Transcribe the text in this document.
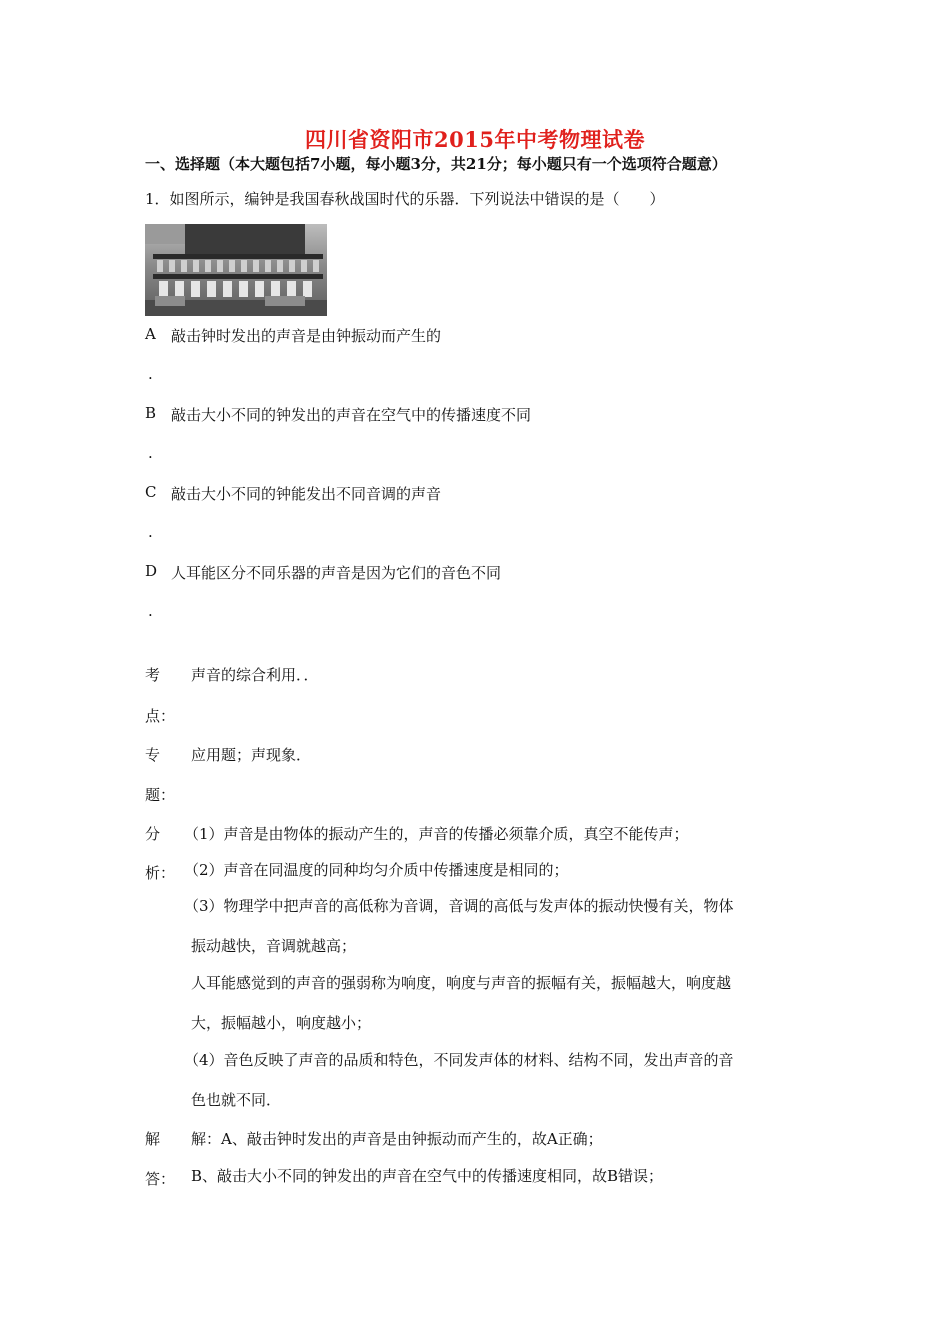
四川省资阳市2015年中考物理试卷
一、选择题（本大题包括7小题，每小题3分，共21分；每小题只有一个选项符合题意）
1．如图所示，编钟是我国春秋战国时代的乐器．下列说法中错误的是（　　）
A 敲击钟时发出的声音是由钟振动而产生的
.
B 敲击大小不同的钟发出的声音在空气中的传播速度不同
.
C 敲击大小不同的钟能发出不同音调的声音
.
D 人耳能区分不同乐器的声音是因为它们的音色不同
.
考
点：
声音的综合利用．．
专
题：
应用题；声现象．
分
析：
（1）声音是由物体的振动产生的，声音的传播必须靠介质，真空不能传声；
（2）声音在同温度的同种均匀介质中传播速度是相同的；
（3）物理学中把声音的高低称为音调，音调的高低与发声体的振动快慢有关，物体
振动越快，音调就越高；
人耳能感觉到的声音的强弱称为响度，响度与声音的振幅有关，振幅越大，响度越
大，振幅越小，响度越小；
（4）音色反映了声音的品质和特色，不同发声体的材料、结构不同，发出声音的音
色也就不同．
解
答：
解：A、敲击钟时发出的声音是由钟振动而产生的，故A正确；
B、敲击大小不同的钟发出的声音在空气中的传播速度相同，故B错误；
